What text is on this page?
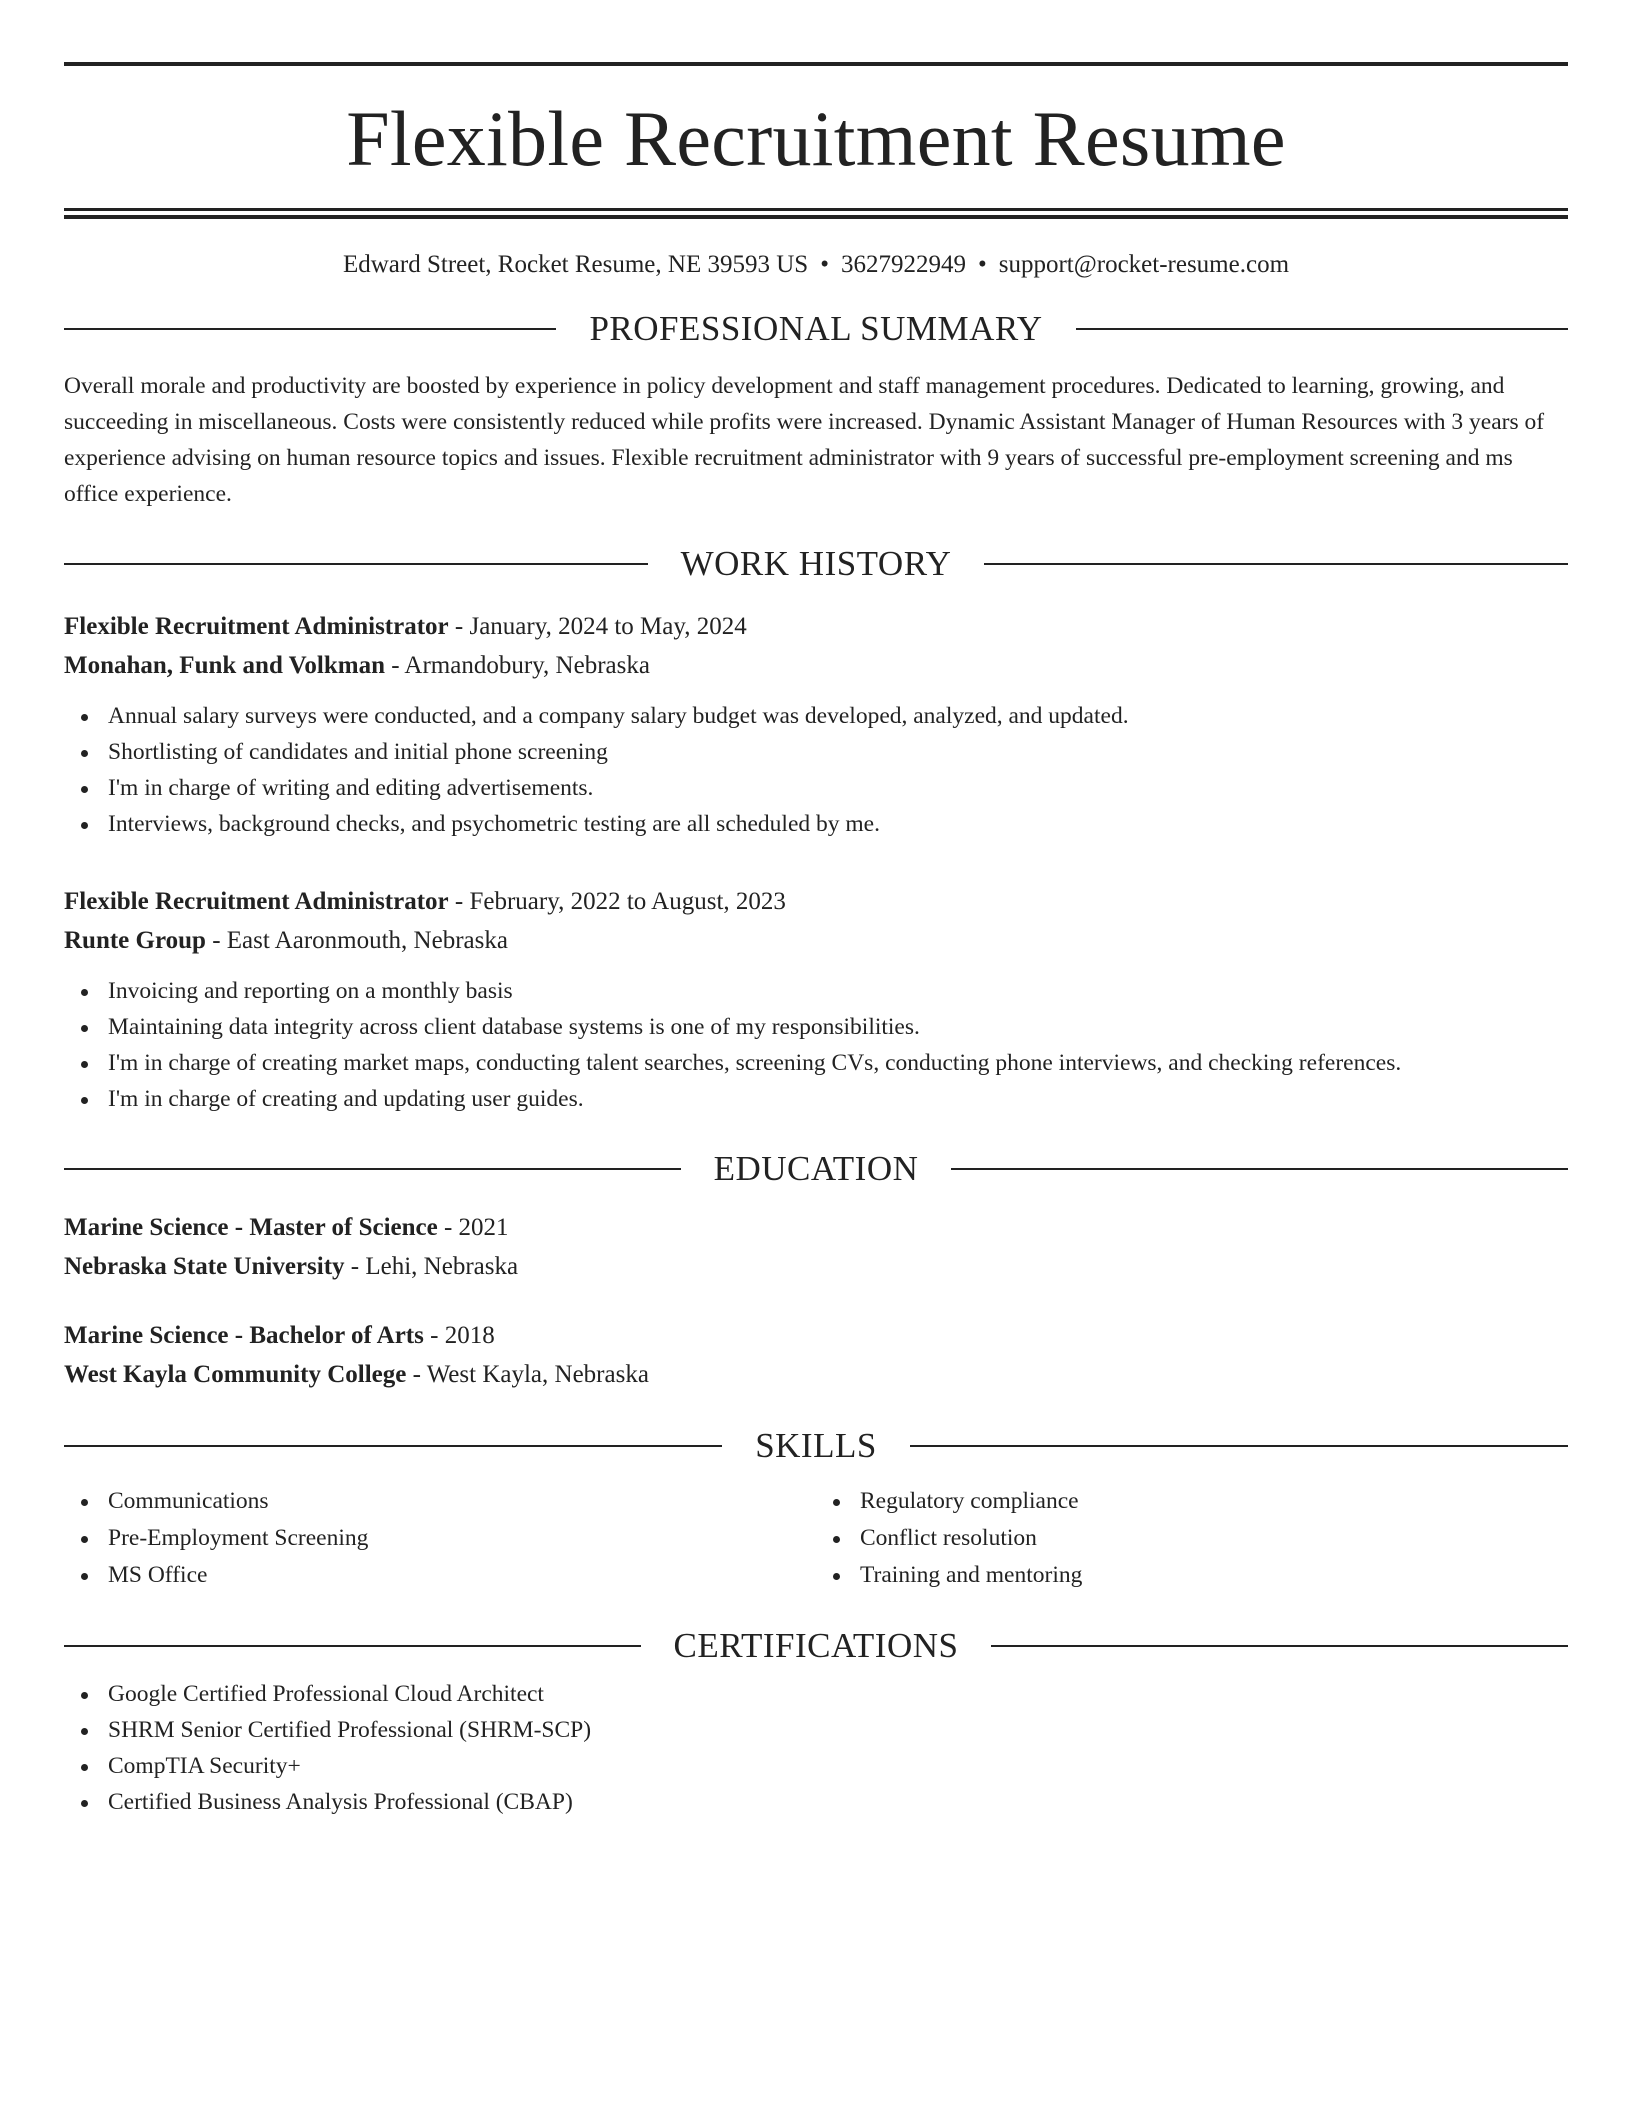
Flexible Recruitment Resume
Edward Street, Rocket Resume, NE 39593 US • 3627922949 • support@rocket-resume.com
PROFESSIONAL SUMMARY

Overall morale and productivity are boosted by experience in policy development and staff management procedures. Dedicated to learning, growing, and succeeding in miscellaneous. Costs were consistently reduced while profits were increased. Dynamic Assistant Manager of Human Resources with 3 years of experience advising on human resource topics and issues. Flexible recruitment administrator with 9 years of successful pre-employment screening and ms office experience.

WORK HISTORY
Flexible Recruitment Administrator - January, 2024 to May, 2024
Monahan, Funk and Volkman - Armandobury, Nebraska
Annual salary surveys were conducted, and a company salary budget was developed, analyzed, and updated.
Shortlisting of candidates and initial phone screening
I'm in charge of writing and editing advertisements.
Interviews, background checks, and psychometric testing are all scheduled by me.
Flexible Recruitment Administrator - February, 2022 to August, 2023
Runte Group - East Aaronmouth, Nebraska
Invoicing and reporting on a monthly basis
Maintaining data integrity across client database systems is one of my responsibilities.
I'm in charge of creating market maps, conducting talent searches, screening CVs, conducting phone interviews, and checking references.
I'm in charge of creating and updating user guides.
EDUCATION
Marine Science - Master of Science - 2021
Nebraska State University - Lehi, Nebraska
Marine Science - Bachelor of Arts - 2018
West Kayla Community College - West Kayla, Nebraska
SKILLS
Communications
Pre-Employment Screening
MS Office
Regulatory compliance
Conflict resolution
Training and mentoring
CERTIFICATIONS
Google Certified Professional Cloud Architect
SHRM Senior Certified Professional (SHRM-SCP)
CompTIA Security+
Certified Business Analysis Professional (CBAP)
